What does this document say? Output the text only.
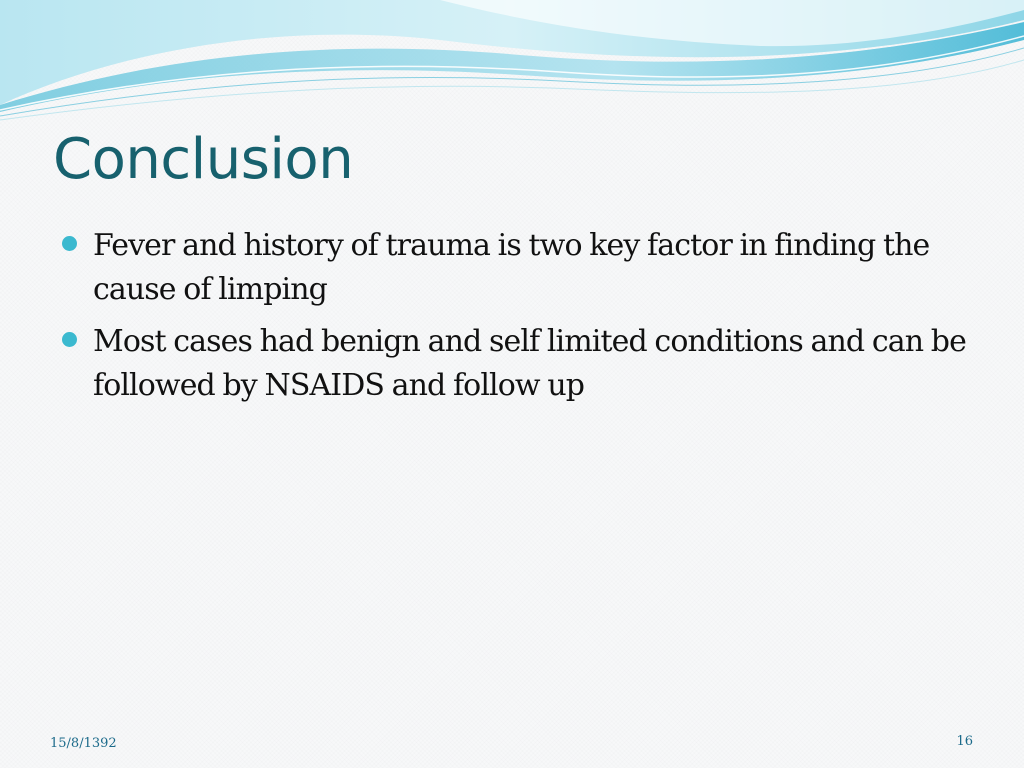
Conclusion
Fever and history of trauma is two key factor in finding the cause of limping
Most cases had benign and self limited conditions and can be followed by NSAIDS and follow up
15/8/1392	16
